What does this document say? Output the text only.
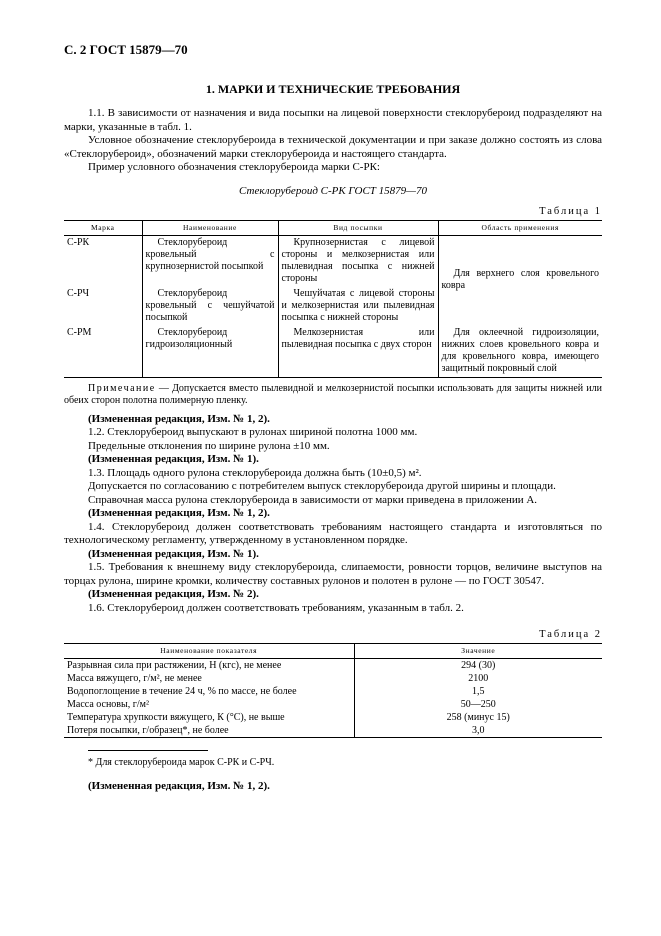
С. 2 ГОСТ 15879—70
1. МАРКИ И ТЕХНИЧЕСКИЕ ТРЕБОВАНИЯ

1.1. В зависимости от назначения и вида посыпки на лицевой поверхности стеклорубероид подразделяют на марки, указанные в табл. 1.

Условное обозначение стеклорубероида в технической документации и при заказе должно состоять из слова «Стеклорубероид», обозначений марки стеклорубероида и настоящего стандарта.

Пример условного обозначения стеклорубероида марки С-РК:

Стеклорубероид С-РК ГОСТ 15879—70
Таблица 1
Марка	Наименование	Вид посыпки	Область применения
С-РК	Стеклорубероид кровельный с крупнозернистой посыпкой	Крупнозернистая с лицевой стороны и мелкозернистая или пылевидная посыпка с нижней стороны	Для верхнего слоя кровельного ковра
С-РЧ	Стеклорубероид кровельный с чешуйчатой посыпкой	Чешуйчатая с лицевой стороны и мелкозернистая или пылевидная посыпка с нижней стороны	
С-РМ	Стеклорубероид гидроизоляционный	Мелкозернистая или пылевидная посыпка с двух сторон	Для оклеечной гидроизоляции, нижних слоев кровельного ковра и для кровельного ковра, имеющего защитный покровный слой
Примечание — Допускается вместо пылевидной и мелкозернистой посыпки использовать для защиты нижней или обеих сторон полотна полимерную пленку.

(Измененная редакция, Изм. № 1, 2).

1.2. Стеклорубероид выпускают в рулонах шириной полотна 1000 мм.

Предельные отклонения по ширине рулона ±10 мм.

(Измененная редакция, Изм. № 1).

1.3. Площадь одного рулона стеклорубероида должна быть (10±0,5) м².

Допускается по согласованию с потребителем выпуск стеклорубероида другой ширины и площади.

Справочная масса рулона стеклорубероида в зависимости от марки приведена в приложении А.

(Измененная редакция, Изм. № 1, 2).

1.4. Стеклорубероид должен соответствовать требованиям настоящего стандарта и изготовляться по технологическому регламенту, утвержденному в установленном порядке.

(Измененная редакция, Изм. № 1).

1.5. Требования к внешнему виду стеклорубероида, слипаемости, ровности торцов, величине выступов на торцах рулона, ширине кромки, количеству составных рулонов и полотен в рулоне — по ГОСТ 30547.

(Измененная редакция, Изм. № 2).

1.6. Стеклорубероид должен соответствовать требованиям, указанным в табл. 2.

Таблица 2
Наименование показателя	Значение
Разрывная сила при растяжении, Н (кгс), не менее	294 (30)
Масса вяжущего, г/м², не менее	2100
Водопоглощение в течение 24 ч, % по массе, не более	1,5
Масса основы, г/м²	50—250
Температура хрупкости вяжущего, К (°С), не выше	258 (минус 15)
Потеря посыпки, г/образец*, не более	3,0
* Для стеклорубероида марок С-РК и С-РЧ.

(Измененная редакция, Изм. № 1, 2).
